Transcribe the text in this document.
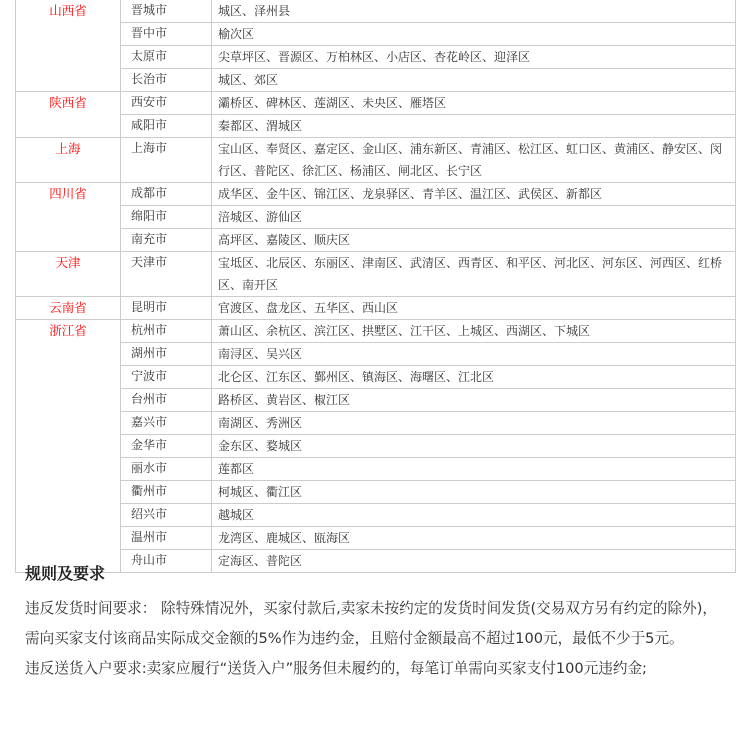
山西省	晋城市	城区、泽州县
	晋中市	榆次区
	太原市	尖草坪区、晋源区、万柏林区、小店区、杏花岭区、迎泽区
	长治市	城区、郊区
陕西省	西安市	灞桥区、碑林区、莲湖区、未央区、雁塔区
	咸阳市	秦都区、渭城区
上海	上海市	宝山区、奉贤区、嘉定区、金山区、浦东新区、青浦区、松江区、虹口区、黄浦区、静安区、闵行区、普陀区、徐汇区、杨浦区、闸北区、长宁区
四川省	成都市	成华区、金牛区、锦江区、龙泉驿区、青羊区、温江区、武侯区、新都区
	绵阳市	涪城区、游仙区
	南充市	高坪区、嘉陵区、顺庆区
天津	天津市	宝坻区、北辰区、东丽区、津南区、武清区、西青区、和平区、河北区、河东区、河西区、红桥区、南开区
云南省	昆明市	官渡区、盘龙区、五华区、西山区
浙江省	杭州市	萧山区、余杭区、滨江区、拱墅区、江干区、上城区、西湖区、下城区
	湖州市	南浔区、吴兴区
	宁波市	北仑区、江东区、鄞州区、镇海区、海曙区、江北区
	台州市	路桥区、黄岩区、椒江区
	嘉兴市	南湖区、秀洲区
	金华市	金东区、婺城区
	丽水市	莲都区
	衢州市	柯城区、衢江区
	绍兴市	越城区
	温州市	龙湾区、鹿城区、瓯海区
	舟山市	定海区、普陀区
规则及要求

违反发货时间要求： 除特殊情况外，买家付款后,卖家未按约定的发货时间发货(交易双方另有约定的除外)，需向买家支付该商品实际成交金额的5%作为违约金，且赔付金额最高不超过100元，最低不少于5元。

违反送货入户要求:卖家应履行“送货入户”服务但未履约的，每笔订单需向买家支付100元违约金;
